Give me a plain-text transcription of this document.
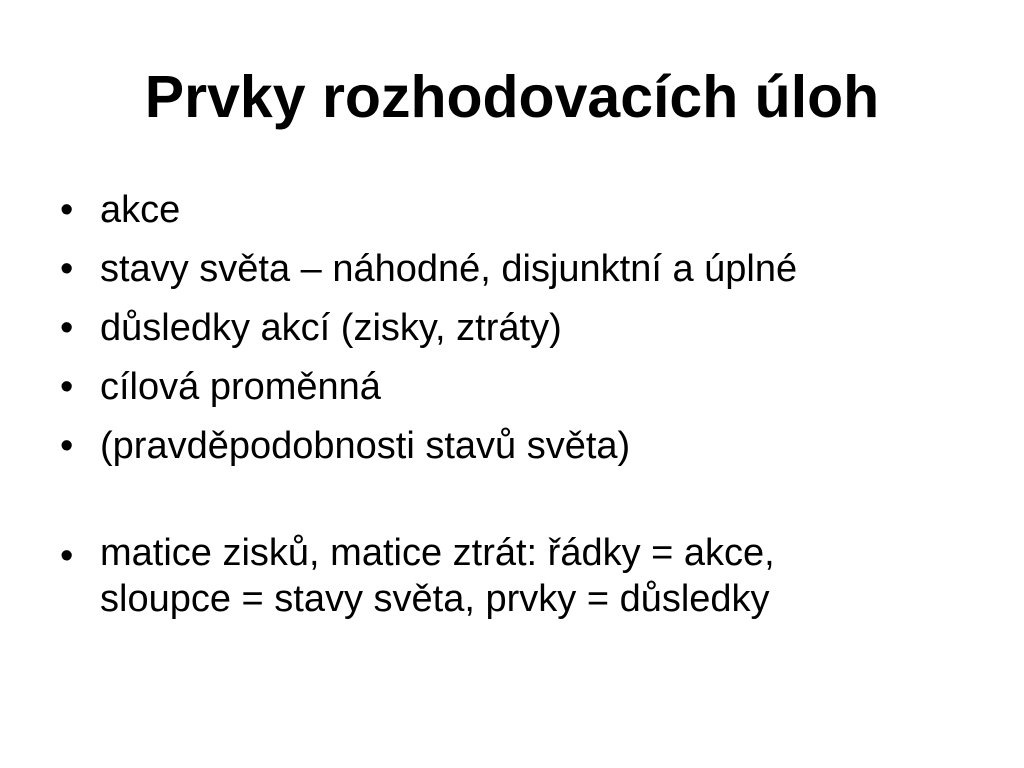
Prvky rozhodovacích úloh
• akce
• stavy světa – náhodné, disjunktní a úplné
• důsledky akcí (zisky, ztráty)
• cílová proměnná
• (pravděpodobnosti stavů světa)
• matice zisků, matice ztrát: řádky = akce,
sloupce = stavy světa, prvky = důsledky
